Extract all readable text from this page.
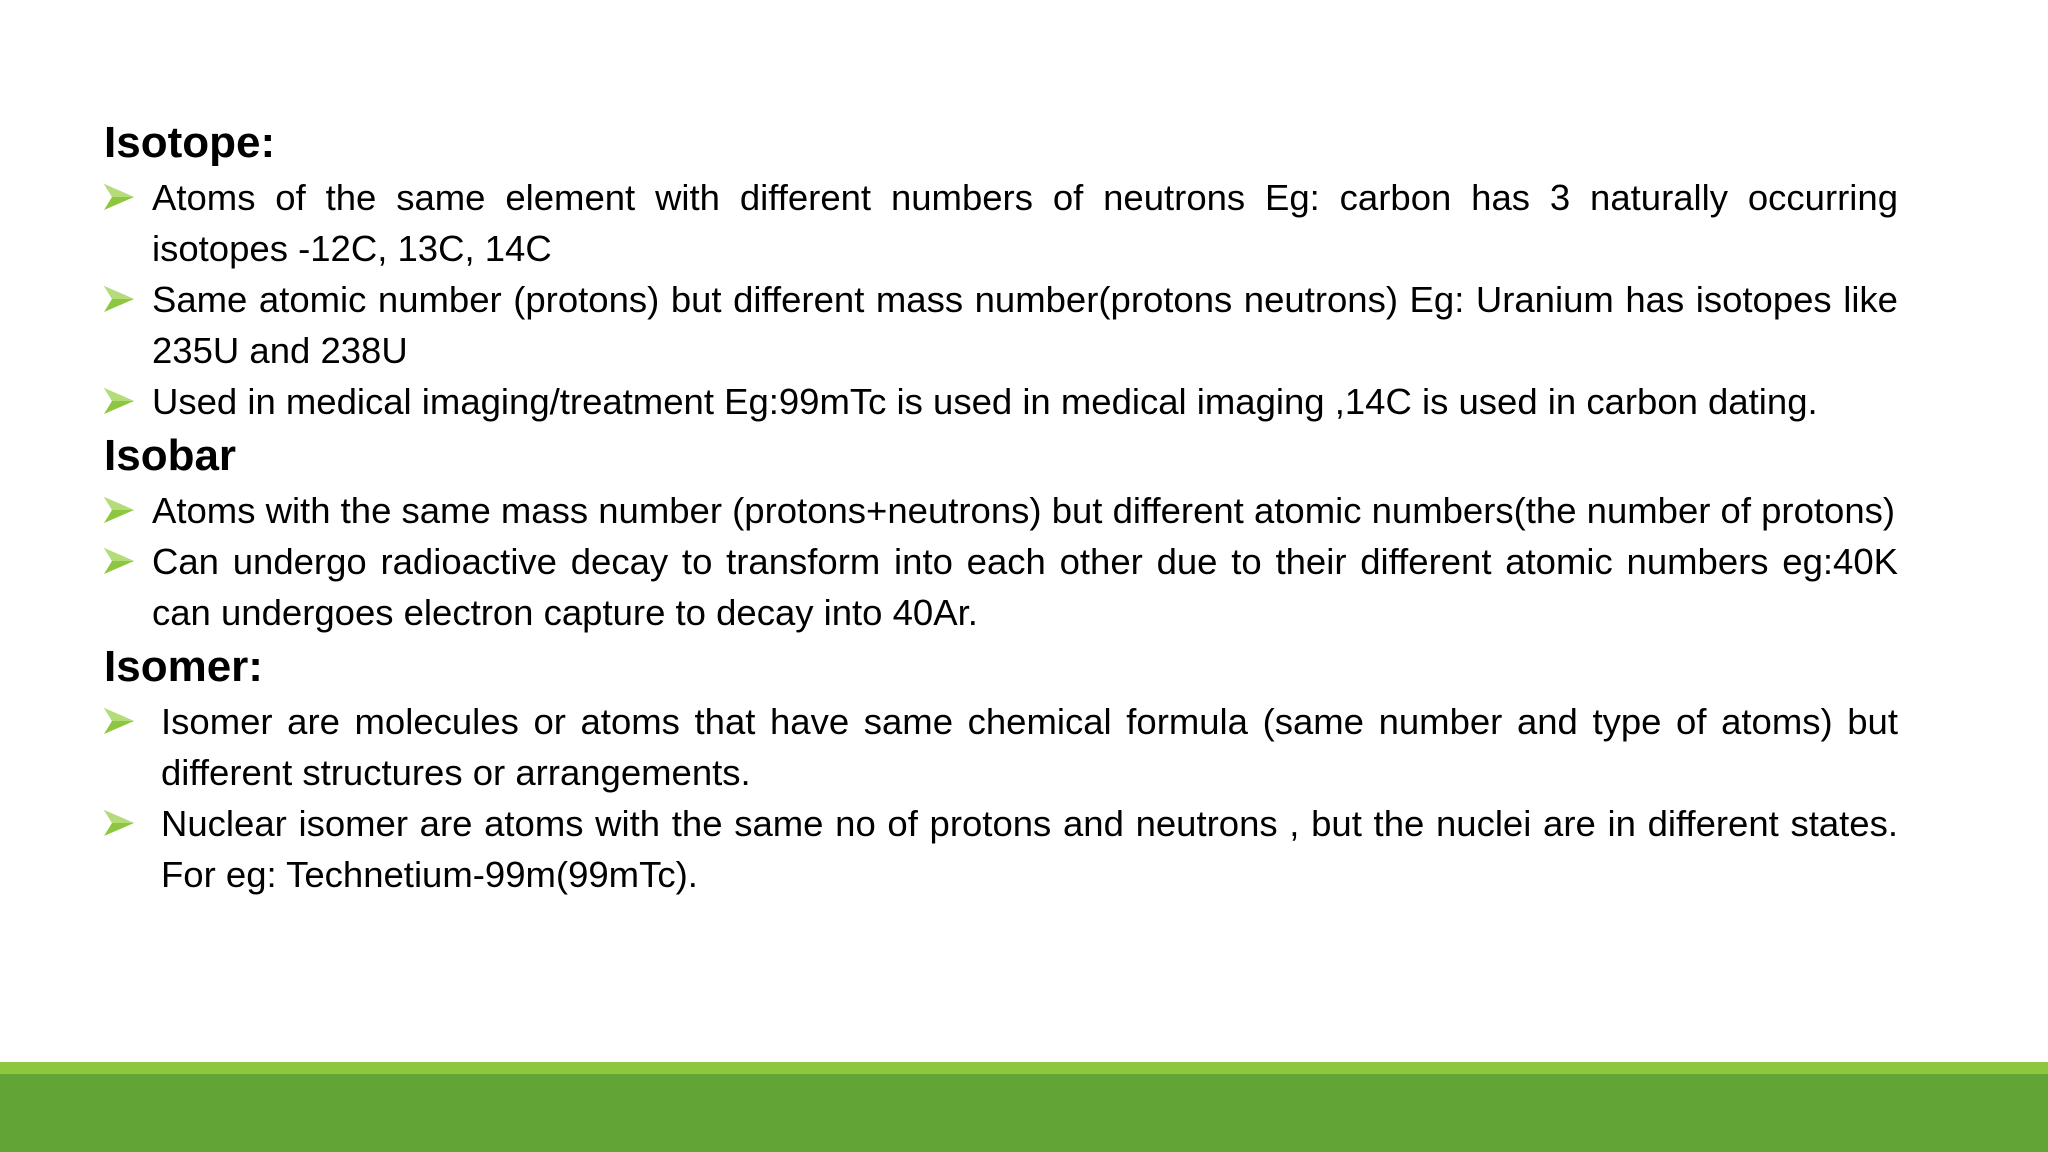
Isotope:
Atoms of the same element with different numbers of neutrons Eg: carbon has 3 naturally occurring isotopes -12C, 13C, 14C
Same atomic number (protons) but different mass number(protons neutrons) Eg: Uranium has isotopes like 235U and 238U
Used in medical imaging/treatment Eg:99mTc is used in medical imaging ,14C is used in carbon dating.
Isobar
Atoms with the same mass number (protons+neutrons) but different atomic numbers(the number of protons)
Can undergo radioactive decay to transform into each other due to their different atomic numbers eg:40K can undergoes electron capture to decay into 40Ar.
Isomer:
Isomer are molecules or atoms that have same chemical formula (same number and type of atoms) but different structures or arrangements.
Nuclear isomer are atoms with the same no of protons and neutrons , but the nuclei are in different states. For eg: Technetium-99m(99mTc).
